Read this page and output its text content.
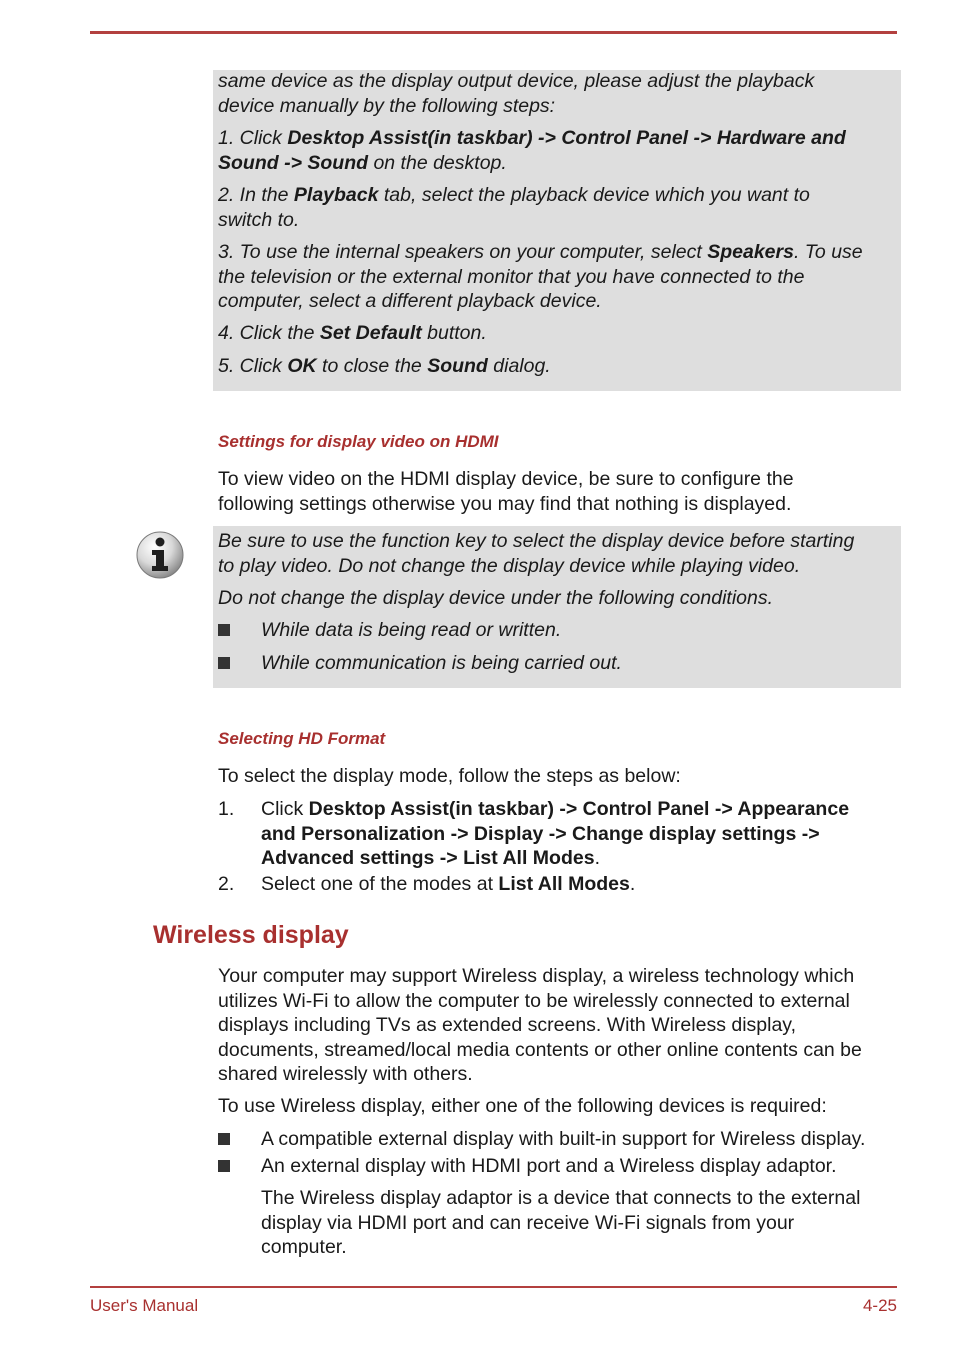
same device as the display output device, please adjust the playback
device manually by the following steps:

1. Click Desktop Assist(in taskbar) -> Control Panel -> Hardware and
Sound -> Sound on the desktop.

2. In the Playback tab, select the playback device which you want to
switch to.

3. To use the internal speakers on your computer, select Speakers. To use
the television or the external monitor that you have connected to the
computer, select a different playback device.

4. Click the Set Default button.

5. Click OK to close the Sound dialog.

Settings for display video on HDMI

To view video on the HDMI display device, be sure to configure the
following settings otherwise you may find that nothing is displayed.

Be sure to use the function key to select the display device before starting
to play video. Do not change the display device while playing video.

Do not change the display device under the following conditions.

While data is being read or written.

While communication is being carried out.

Selecting HD Format

To select the display mode, follow the steps as below:

1. Click Desktop Assist(in taskbar) -> Control Panel -> Appearance
and Personalization -> Display -> Change display settings ->
Advanced settings -> List All Modes.

2. Select one of the modes at List All Modes.

Wireless display

Your computer may support Wireless display, a wireless technology which
utilizes Wi-Fi to allow the computer to be wirelessly connected to external
displays including TVs as extended screens. With Wireless display,
documents, streamed/local media contents or other online contents can be
shared wirelessly with others.

To use Wireless display, either one of the following devices is required:

A compatible external display with built-in support for Wireless display.

An external display with HDMI port and a Wireless display adaptor.

The Wireless display adaptor is a device that connects to the external
display via HDMI port and can receive Wi-Fi signals from your
computer.

User's Manual	4-25
